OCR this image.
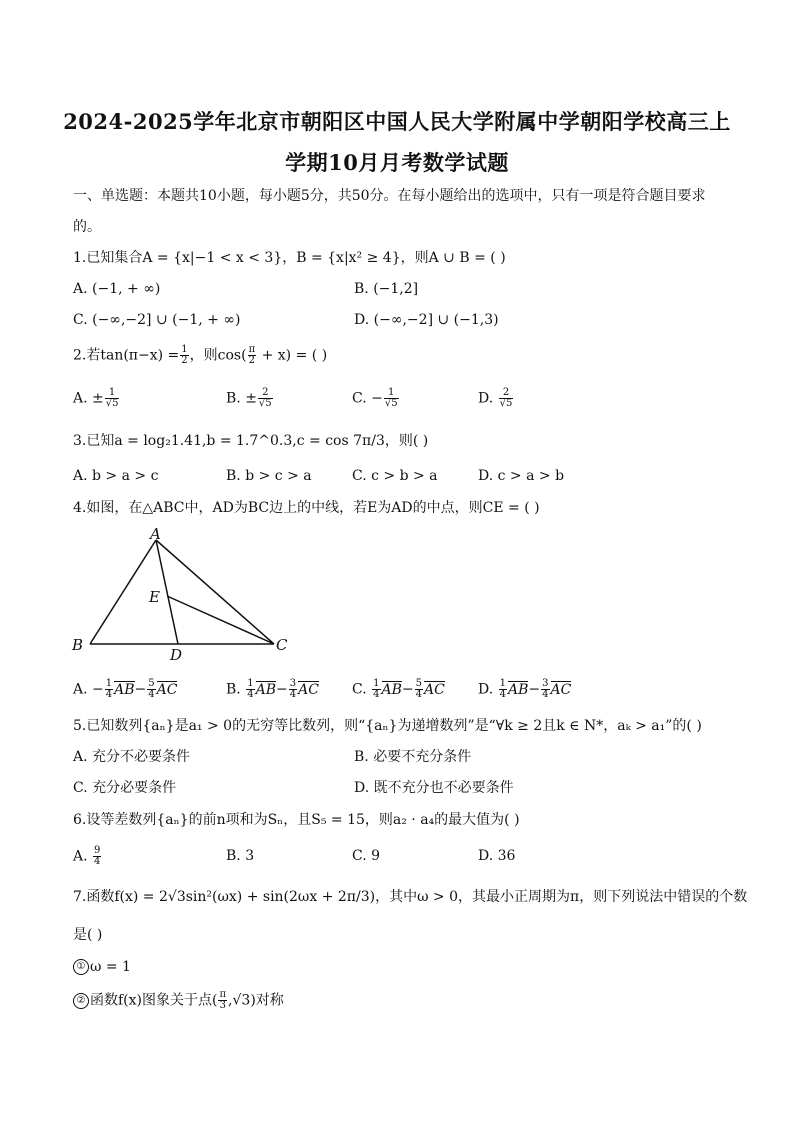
2024-2025学年北京市朝阳区中国人民大学附属中学朝阳学校高三上
学期10月月考数学试题
一、单选题：本题共10小题，每小题5分，共50分。在每小题给出的选项中，只有一项是符合题目要求
的。
1.已知集合A = {x|−1 < x < 3}，B = {x|x² ≥ 4}，则A ∪ B = ( )
A. (−1, + ∞)	B. (−1,2]
C. (−∞,−2] ∪ (−1, + ∞)	D. (−∞,−2] ∪ (−1,3)
2.若$\tan(\pi-x) = \frac{1}{2}$ ，则$\cos( \frac{\pi}{2} + x)$ = ( )
A. ± $\frac{1}{√5}$	B. ± $\frac{2}{√5}$	C. − $\frac{1}{√5}$	D. $\frac{2}{√5}$
3.已知a = log₂1.41,b = 1.7^0.3,c = cos 7π/3，则( )
A. b > a > c	B. b > c > a	C. c > b > a	D. c > a > b
4.如图，在△ABC中，AD为BC边上的中线，若E为AD的中点，则CE = ( )
A
B	C
D
E
A. − $\frac{1}{4} AB- \frac{5}{4}$ AC	B. $\frac{1}{4} AB- \frac{3}{4}$ AC C. $\frac{1}{4} AB- \frac{5}{4}$ AC D. $\frac{1}{4} AB- \frac{3}{4}$ AC
5.已知数列{aₙ}是a₁ > 0的无穷等比数列，则“{aₙ}为递增数列”是“∀k ≥ 2且k ∈ N*，aₖ > a₁”的( )
A. 充分不必要条件	B. 必要不充分条件
C. 充分必要条件	D. 既不充分也不必要条件
6.设等差数列{aₙ}的前n项和为Sₙ，且S₅ = 15，则a₂ · a₄的最大值为( )
A. $\frac{9}{4}$	B. 3	C. 9	D. 36
7.函数f(x) = 2√3sin²(ωx) + sin(2ωx + 2π/3)，其中ω > 0，其最小正周期为π，则下列说法中错误的个数
是( )
① ω = 1
② 函数f(x)图象关于点( $\frac{\pi}{3} ,√3$)对称
